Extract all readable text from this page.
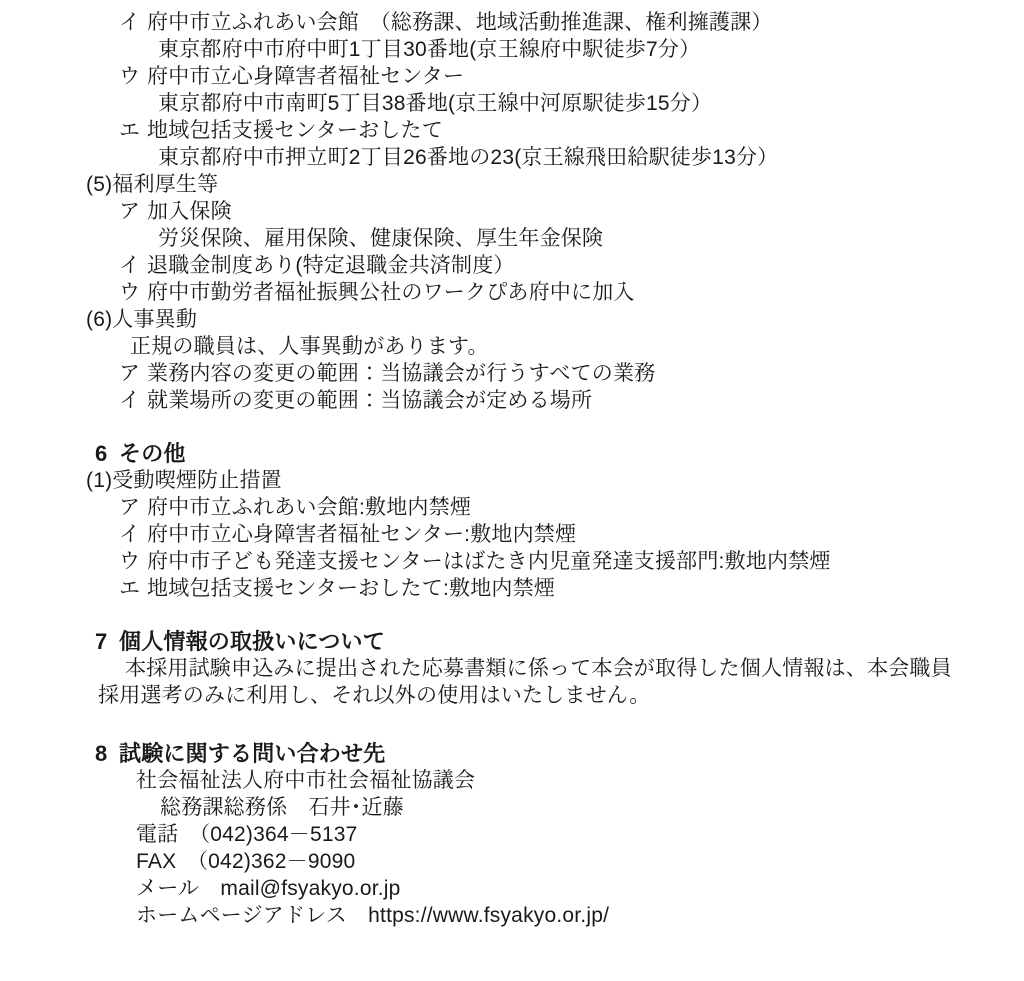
イ 府中市立ふれあい会館　（総務課、地域活動推進課、権利擁護課）
東京都府中市府中町1丁目30番地(京王線府中駅徒歩7分）
ウ 府中市立心身障害者福祉センター
東京都府中市南町5丁目38番地(京王線中河原駅徒歩15分）
エ 地域包括支援センターおしたて
東京都府中市押立町2丁目26番地の23(京王線飛田給駅徒歩13分）
(5)福利厚生等
ア 加入保険
労災保険、雇用保険、健康保険、厚生年金保険
イ 退職金制度あり(特定退職金共済制度）
ウ 府中市勤労者福祉振興公社のワークぴあ府中に加入
(6)人事異動
正規の職員は、人事異動があります。
ア 業務内容の変更の範囲：当協議会が行うすべての業務
イ 就業場所の変更の範囲：当協議会が定める場所
6 その他
(1)受動喫煙防止措置
ア 府中市立ふれあい会館:敷地内禁煙
イ 府中市立心身障害者福祉センター:敷地内禁煙
ウ 府中市子ども発達支援センターはばたき内児童発達支援部門:敷地内禁煙
エ 地域包括支援センターおしたて:敷地内禁煙
7 個人情報の取扱いについて
本採用試験申込みに提出された応募書類に係って本会が取得した個人情報は、本会職員
採用選考のみに利用し、それ以外の使用はいたしません。
8 試験に関する問い合わせ先
社会福祉法人府中市社会福祉協議会
総務課総務係　石井･近藤
電話　（042)364－5137
FAX　（042)362－9090
メール　mail@fsyakyo.or.jp
ホームページアドレス　https://www.fsyakyo.or.jp/
